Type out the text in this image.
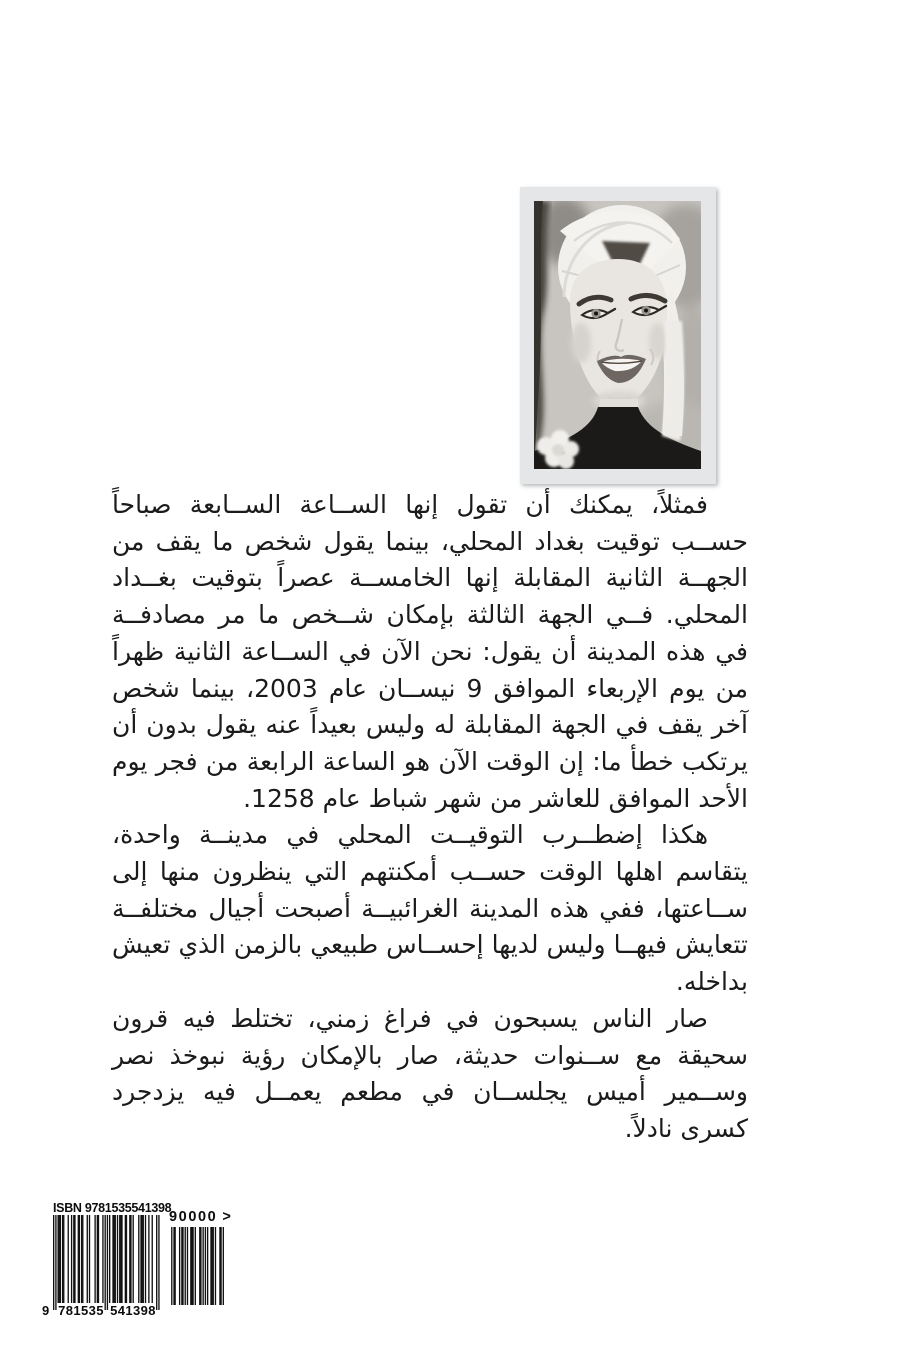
فمثلاً، يمكنك أن تقول إنها الســاعة الســابعة صباحاً حســب توقيت بغداد المحلي، بينما يقول شخص ما يقف من الجهــة الثانية المقابلة إنها الخامســة عصراً بتوقيت بغــداد المحلي. فــي الجهة الثالثة بإمكان شــخص ما مر مصادفــة في هذه المدينة أن يقول: نحن الآن في الســاعة الثانية ظهراً من يوم الإربعاء الموافق 9 نيســان عام 2003، بينما شخص آخر يقف في الجهة المقابلة له وليس بعيداً عنه يقول بدون أن يرتكب خطأ ما: إن الوقت الآن هو الساعة الرابعة من فجر يوم الأحد الموافق للعاشر من شهر شباط عام 1258.

هكذا إضطــرب التوقيــت المحلي في مدينــة واحدة، يتقاسم اهلها الوقت حســب أمكنتهم التي ينظرون منها إلى ســاعتها، ففي هذه المدينة الغرائبيــة أصبحت أجيال مختلفــة تتعايش فيهــا وليس لديها إحســاس طبيعي بالزمن الذي تعيش بداخله.

صار الناس يسبحون في فراغ زمني، تختلط فيه قرون سحيقة مع ســنوات حديثة، صار بالإمكان رؤية نبوخذ نصر وســمير أميس يجلســان في مطعم يعمــل فيه يزدجرد كسرى نادلاً.

ISBN 9781535541398
9 781535 541398
90000 >
